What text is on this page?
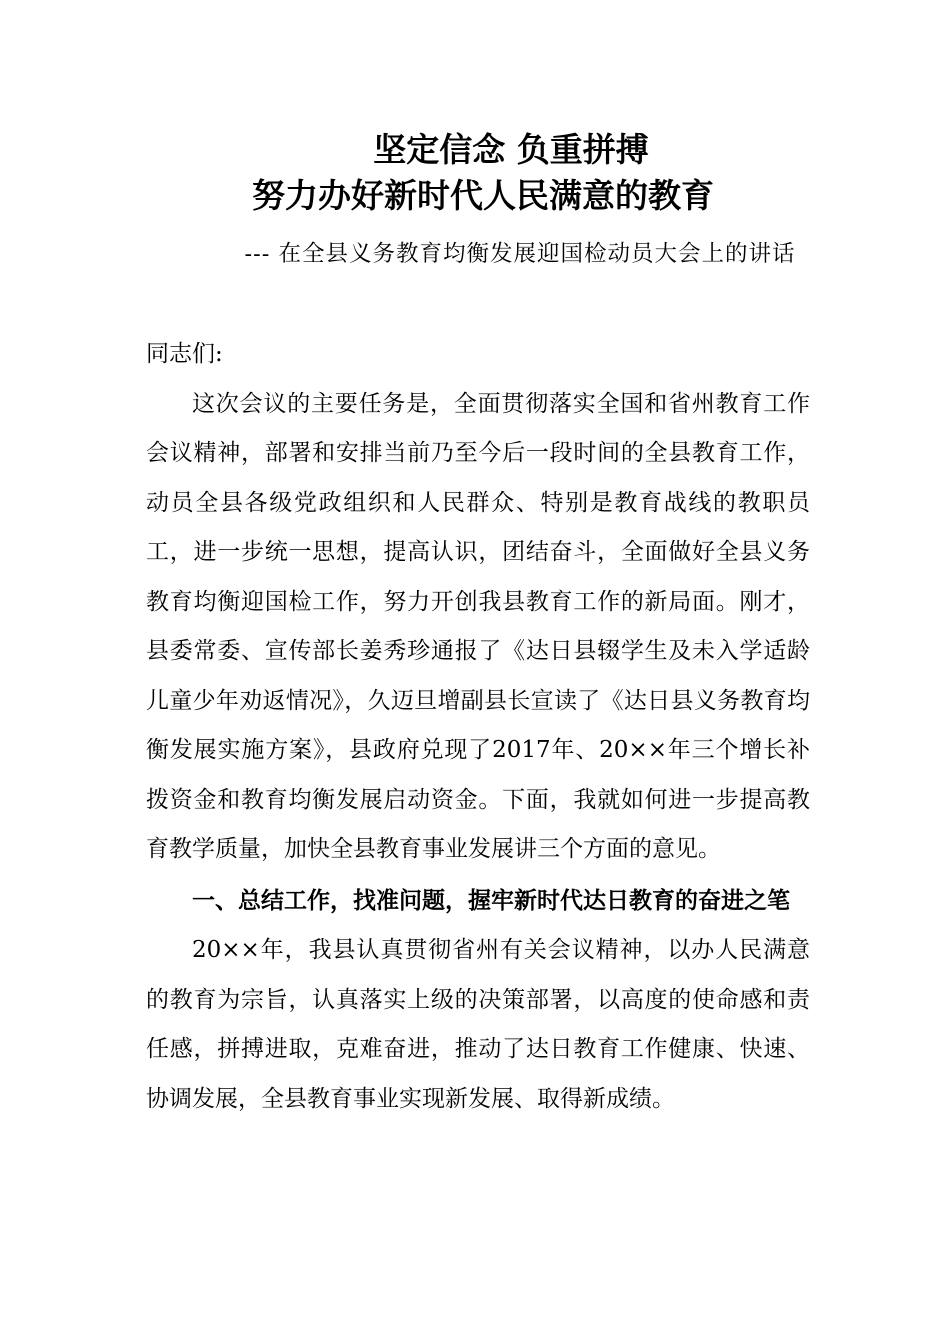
坚定信念 负重拼搏
努力办好新时代人民满意的教育
--- 在全县义务教育均衡发展迎国检动员大会上的讲话

同志们:

这次会议的主要任务是，全面贯彻落实全国和省州教育工作会议精神，部署和安排当前乃至今后一段时间的全县教育工作，动员全县各级党政组织和人民群众、特别是教育战线的教职员工，进一步统一思想，提高认识，团结奋斗，全面做好全县义务教育均衡迎国检工作，努力开创我县教育工作的新局面。刚才，县委常委、宣传部长姜秀珍通报了《达日县辍学生及未入学适龄儿童少年劝返情况》，久迈旦增副县长宣读了《达日县义务教育均衡发展实施方案》，县政府兑现了2017年、20××年三个增长补拨资金和教育均衡发展启动资金。下面，我就如何进一步提高教育教学质量，加快全县教育事业发展讲三个方面的意见。

一、总结工作，找准问题，握牢新时代达日教育的奋进之笔

20××年，我县认真贯彻省州有关会议精神，以办人民满意的教育为宗旨，认真落实上级的决策部署，以高度的使命感和责任感，拼搏进取，克难奋进，推动了达日教育工作健康、快速、协调发展，全县教育事业实现新发展、取得新成绩。
